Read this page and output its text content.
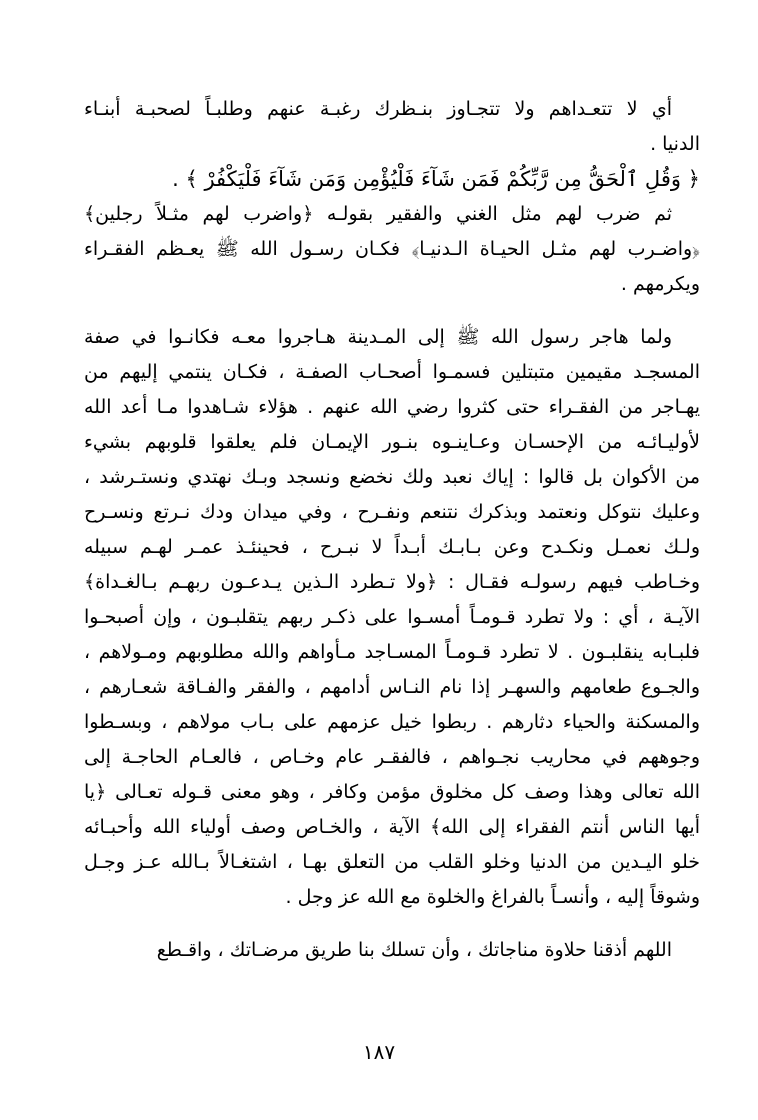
أي لا تتعـداهم ولا تتجـاوز بنـظرك رغبـة عنهم وطلبـاً لصحبـة أبنـاء
الدنيا .
﴿ وَقُلِ ٱلْحَقُّ مِن رَّبِّكُمْ فَمَن شَآءَ فَلْيُؤْمِن وَمَن شَآءَ فَلْيَكْفُرْ ﴾ .
ثم ضرب لهم مثل الغني والفقير بقولـه ﴿واضرب لهم مثـلاً رجلين﴾
﴿واضـرب لهم مثـل الحيـاة الـدنيـا﴾ فكـان رسـول الله ﷺ يعـظم الفقـراء
ويكرمهم .
ولما هاجر رسول الله ﷺ إلى المـدينة هـاجروا معـه فكانـوا في صفة
المسجـد مقيمين متبتلين فسمـوا أصحـاب الصفـة ، فكـان ينتمي إليهم من
يهـاجر من الفقـراء حتى كثروا رضي الله عنهم . هؤلاء شـاهدوا مـا أعد الله
لأوليـائـه من الإحسـان وعـاينـوه بنـور الإيمـان فلم يعلقوا قلوبهم بشيء
من الأكوان بل قالوا : إياك نعبد ولك نخضع ونسجد وبـك نهتدي ونستـرشد ،
وعليك نتوكل ونعتمد وبذكرك نتنعم ونفـرح ، وفي ميدان ودك نـرتع ونسـرح
ولـك نعمـل ونكـدح وعن بـابـك أبـداً لا نبـرح ، فحينئـذ عمـر لهـم سبيله
وخـاطب فيهم رسولـه فقـال : ﴿ولا تـطرد الـذين يـدعـون ربهـم بـالغـداة﴾
الآيـة ، أي : ولا تطرد قـومـاً أمسـوا على ذكـر ربهم يتقلبـون ، وإن أصبحـوا
فلبـابه ينقلبـون . لا تطرد قـومـاً المسـاجد مـأواهم والله مطلوبهم ومـولاهم ،
والجـوع طعامهم والسهـر إذا نام النـاس أدامهم ، والفقر والفـاقة شعـارهم ،
والمسكنة والحياء دثارهم . ربطوا خيل عزمهم على بـاب مولاهم ، وبسـطوا
وجوههم في محاريب نجـواهم ، فالفقـر عام وخـاص ، فالعـام الحاجـة إلى
الله تعالى وهذا وصف كل مخلوق مؤمن وكافر ، وهو معنى قـوله تعـالى ﴿يا
أيها الناس أنتم الفقراء إلى الله﴾ الآية ، والخـاص وصف أولياء الله وأحبـائه
خلو اليـدين من الدنيا وخلو القلب من التعلق بهـا ، اشتغـالاً بـالله عـز وجـل
وشوقاً إليه ، وأنسـاً بالفراغ والخلوة مع الله عز وجل .
اللهم أذقنا حلاوة مناجاتك ، وأن تسلك بنا طريق مرضـاتك ، واقـطع
١٨٧
